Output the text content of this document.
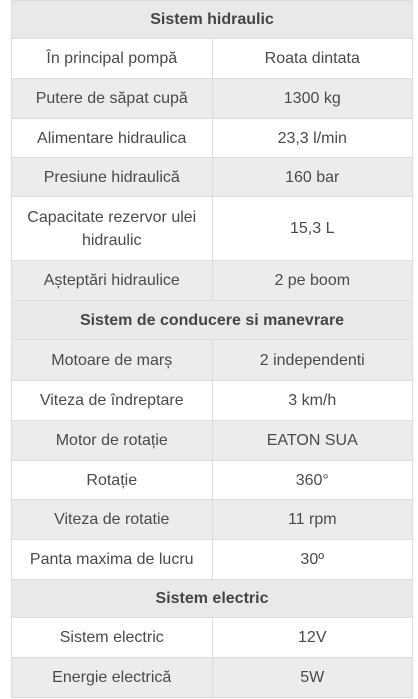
Sistem hidraulic	
În principal pompă	Roata dintata
Putere de săpat cupă	1300 kg
Alimentare hidraulica	23,3 l/min
Presiune hidraulică	160 bar
Capacitate rezervor ulei hidraulic	15,3 L
Așteptări hidraulice	2 pe boom
Sistem de conducere si manevrare	
Motoare de marș	2 independenti
Viteza de îndreptare	3 km/h
Motor de rotație	EATON SUA
Rotație	360°
Viteza de rotatie	11 rpm
Panta maxima de lucru	30º
Sistem electric	
Sistem electric	12V
Energie electrică	5W
